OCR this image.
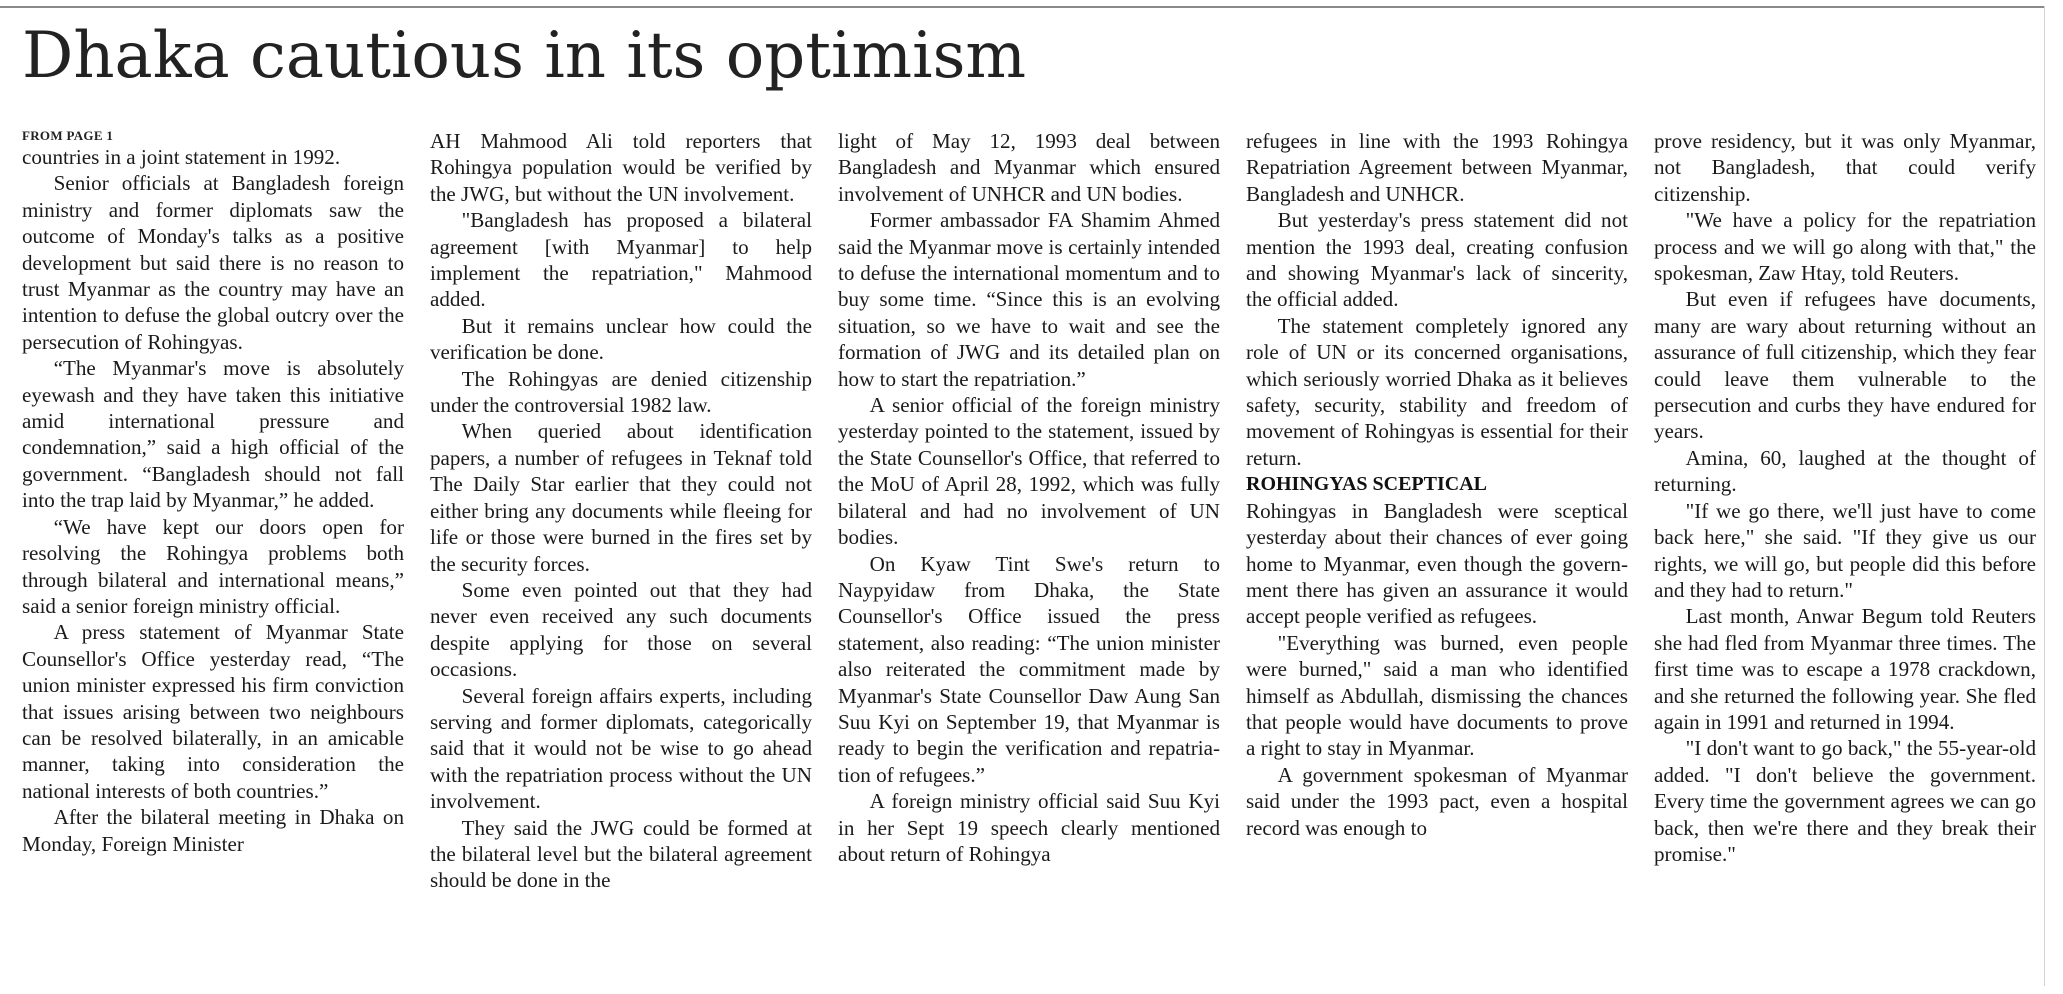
Dhaka cautious in its optimism
FROM PAGE 1

countries in a joint statement in 1992.

Senior officials at Bangladesh foreign ministry and former diplomats saw the outcome of Monday's talks as a positive development but said there is no reason to trust Myanmar as the country may have an intention to defuse the global outcry over the persecution of Rohingyas.

“The Myanmar's move is absolutely eyewash and they have taken this initiative amid international pressure and condemnation,” said a high official of the government. “Bangladesh should not fall into the trap laid by Myanmar,” he added.

“We have kept our doors open for resolving the Rohingya problems both through bilateral and international means,” said a senior foreign ministry official.

A press statement of Myanmar State Counsellor's Office yesterday read, “The union minister expressed his firm conviction that issues arising between two neighbours can be resolved bilaterally, in an amicable manner, taking into consideration the national interests of both countries.”

After the bilateral meeting in Dhaka on Monday, Foreign Minister

AH Mahmood Ali told reporters that Rohingya population would be verified by the JWG, but without the UN involvement.

"Bangladesh has proposed a bilateral agreement [with Myanmar] to help implement the repatriation," Mahmood added.

But it remains unclear how could the verification be done.

The Rohingyas are denied citizenship under the controversial 1982 law.

When queried about identification papers, a number of refugees in Teknaf told The Daily Star earlier that they could not either bring any documents while fleeing for life or those were burned in the fires set by the security forces.

Some even pointed out that they had never even received any such documents despite applying for those on several occasions.

Several foreign affairs experts, including serving and former diplomats, categorically said that it would not be wise to go ahead with the repatriation process without the UN involvement.

They said the JWG could be formed at the bilateral level but the bilateral agreement should be done in the

light of May 12, 1993 deal between Bangladesh and Myanmar which ensured involvement of UNHCR and UN bodies.

Former ambassador FA Shamim Ahmed said the Myanmar move is certainly intended to defuse the international momentum and to buy some time. “Since this is an evolving situation, so we have to wait and see the formation of JWG and its detailed plan on how to start the repatriation.”

A senior official of the foreign ministry yesterday pointed to the statement, issued by the State Counsellor's Office, that referred to the MoU of April 28, 1992, which was fully bilateral and had no involvement of UN bodies.

On Kyaw Tint Swe's return to Naypyidaw from Dhaka, the State Counsellor's Office issued the press statement, also reading: “The union minister also reiterated the commitment made by Myanmar's State Counsellor Daw Aung San Suu Kyi on September 19, that Myanmar is ready to begin the verification and repatriation of refugees.”

A foreign ministry official said Suu Kyi in her Sept 19 speech clearly mentioned about return of Rohingya

refugees in line with the 1993 Rohingya Repatriation Agreement between Myanmar, Bangladesh and UNHCR.

But yesterday's press statement did not mention the 1993 deal, creating confusion and showing Myanmar's lack of sincerity, the official added.

The statement completely ignored any role of UN or its concerned organisations, which seriously worried Dhaka as it believes safety, security, stability and freedom of movement of Rohingyas is essential for their return.

ROHINGYAS SCEPTICAL

Rohingyas in Bangladesh were sceptical yesterday about their chances of ever going home to Myanmar, even though the government there has given an assurance it would accept people verified as refugees.

"Everything was burned, even people were burned," said a man who identified himself as Abdullah, dismissing the chances that people would have documents to prove a right to stay in Myanmar.

A government spokesman of Myanmar said under the 1993 pact, even a hospital record was enough to

prove residency, but it was only Myanmar, not Bangladesh, that could verify citizenship.

"We have a policy for the repatriation process and we will go along with that," the spokesman, Zaw Htay, told Reuters.

But even if refugees have documents, many are wary about returning without an assurance of full citizenship, which they fear could leave them vulnerable to the persecution and curbs they have endured for years.

Amina, 60, laughed at the thought of returning.

"If we go there, we'll just have to come back here," she said. "If they give us our rights, we will go, but people did this before and they had to return."

Last month, Anwar Begum told Reuters she had fled from Myanmar three times. The first time was to escape a 1978 crackdown, and she returned the following year. She fled again in 1991 and returned in 1994.

"I don't want to go back," the 55-year-old added. "I don't believe the government. Every time the government agrees we can go back, then we're there and they break their promise."
